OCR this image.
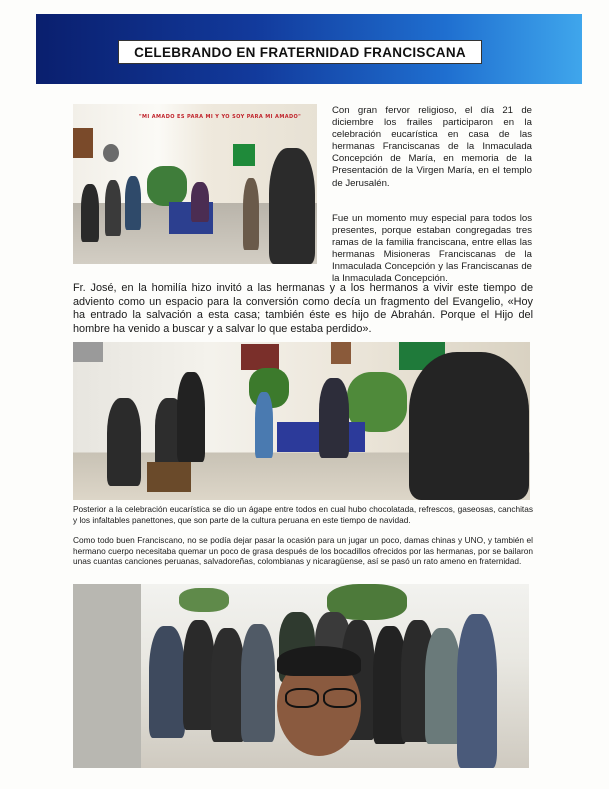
CELEBRANDO EN FRATERNIDAD FRANCISCANA
"MI AMADO ES PARA MI Y YO SOY PARA MI AMADO"

Con gran fervor religioso, el día 21 de diciembre los frailes participaron en la celebración eucarística en casa de las hermanas Franciscanas de la Inmaculada Concepción de María, en memoria de la Presentación de la Virgen María, en el templo de Jerusalén.

Fue un momento muy especial para todos los presentes, porque estaban congregadas tres ramas de la familia franciscana, entre ellas las hermanas Misioneras Franciscanas de la Inmaculada Concepción y las Franciscanas de la Inmaculada Concepción.

Fr. José, en la homilía hizo invitó a las hermanas y a los hermanos a vivir este tiempo de adviento como un espacio para la conversión como decía un fragmento del Evangelio, «Hoy ha entrado la salvación a esta casa; también éste es hijo de Abrahán. Porque el Hijo del hombre ha venido a buscar y a salvar lo que estaba perdido».

Posterior a la celebración eucarística se dio un ágape entre todos en cual hubo chocolatada, refrescos, gaseosas, canchitas y los infaltables panettones, que son parte de la cultura peruana en este tiempo de navidad.

Como todo buen Franciscano, no se podía dejar pasar la ocasión para un jugar un poco, damas chinas y UNO, y también el hermano cuerpo necesitaba quemar un poco de grasa después de los bocadillos ofrecidos por las hermanas, por se bailaron unas cuantas canciones peruanas, salvadoreñas, colombianas y nicaragüense, así se pasó un rato ameno en fraternidad.
